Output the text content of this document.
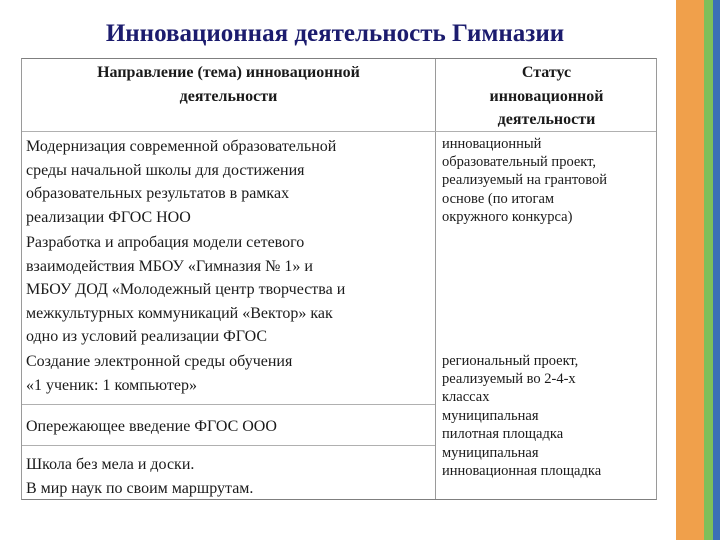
Инновационная деятельность Гимназии
Направление (тема) инновационной
деятельности
Статус
инновационной
деятельности
Модернизация современной образовательной
среды начальной школы для достижения
образовательных результатов в рамках
реализации ФГОС НОО
Разработка и апробация модели сетевого
взаимодействия МБОУ «Гимназия № 1» и
МБОУ ДОД «Молодежный центр творчества и
межкультурных коммуникаций «Вектор» как
одно из условий реализации ФГОС
Создание электронной среды обучения
«1 ученик: 1 компьютер»
Опережающее введение ФГОС ООО
Школа без мела и доски.
В мир наук по своим маршрутам.
инновационный
образовательный проект,
реализуемый на грантовой
основе (по итогам
окружного конкурса)
региональный проект,
реализуемый во 2-4-х
классах
муниципальная
пилотная площадка
муниципальная
инновационная площадка
